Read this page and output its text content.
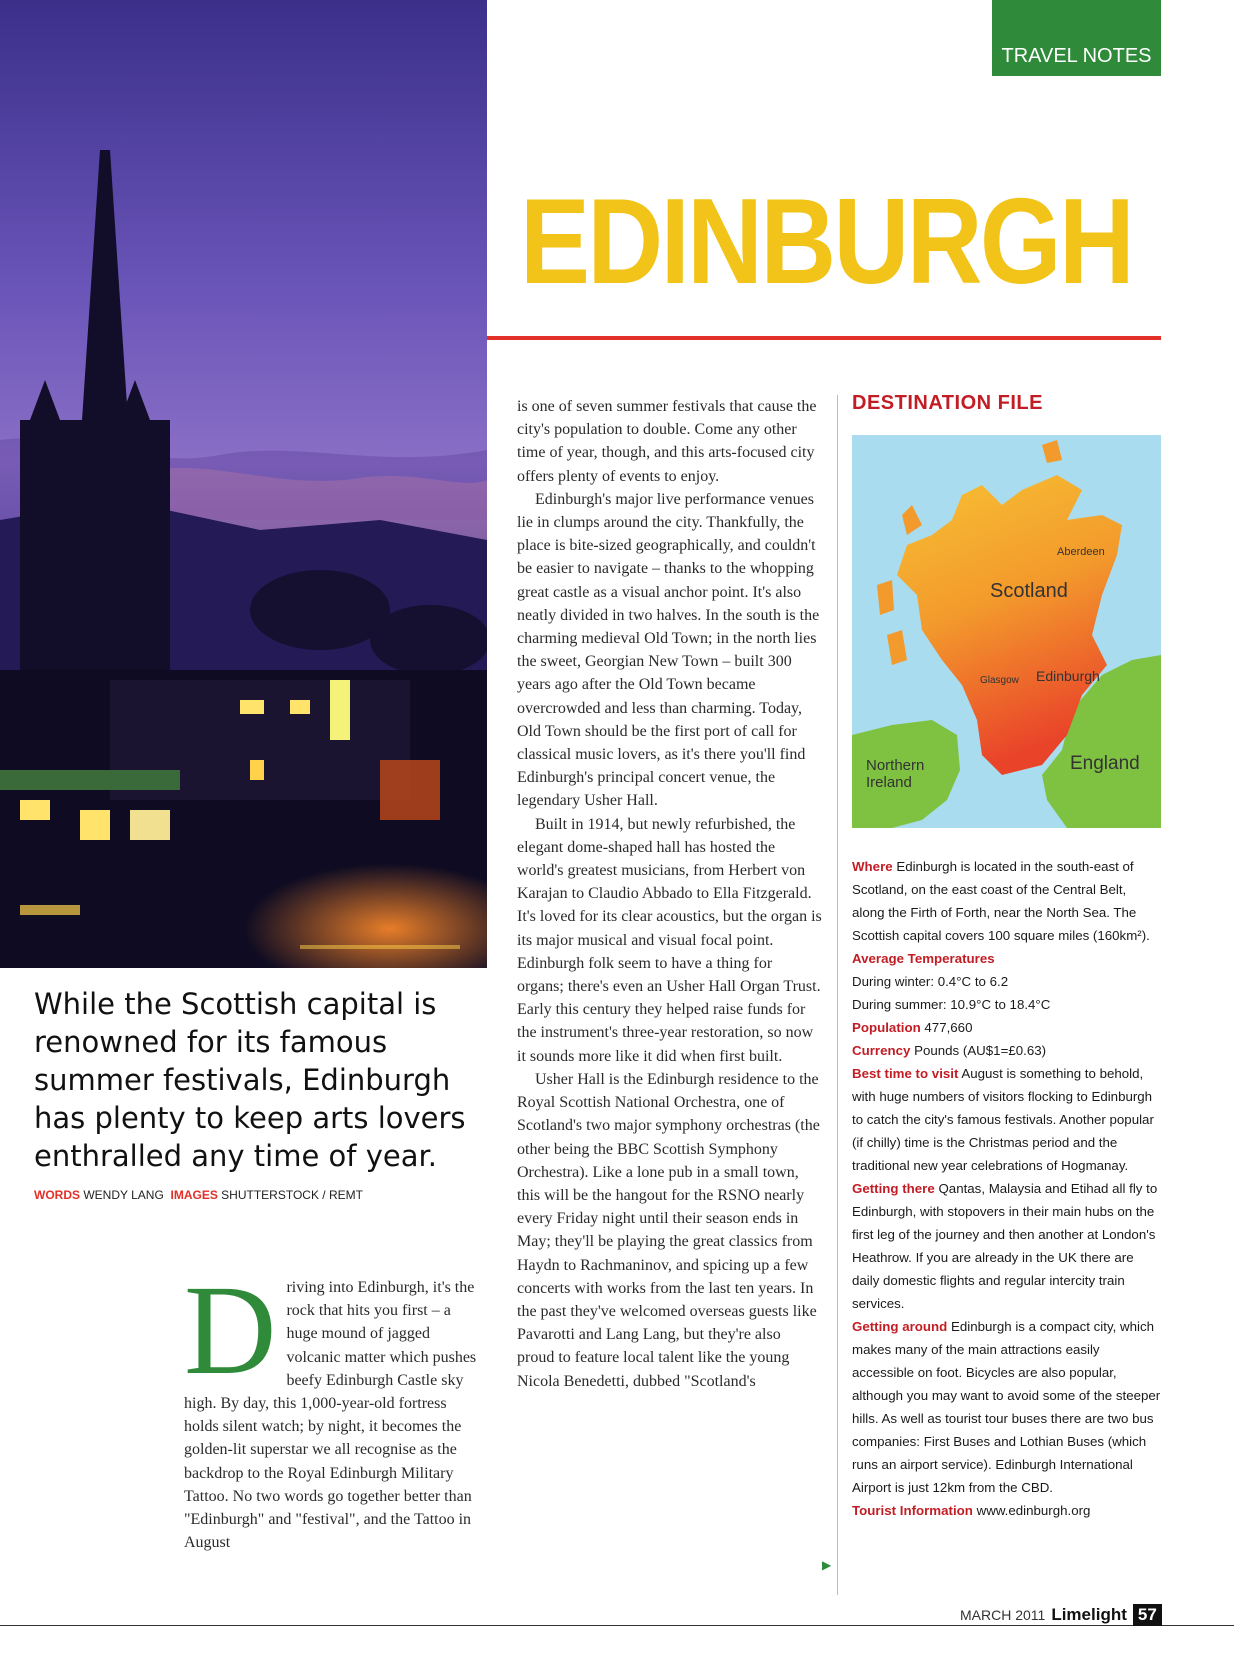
TRAVEL NOTES
EDINBURGH
While the Scottish capital is renowned for its famous summer festivals, Edinburgh has plenty to keep arts lovers enthralled any time of year.
WORDS WENDY LANG IMAGES SHUTTERSTOCK / REMT
D riving into Edinburgh, it's the rock that hits you first – a huge mound of jagged volcanic matter which pushes beefy Edinburgh Castle sky high. By day, this 1,000-year-old fortress holds silent watch; by night, it becomes the golden-lit superstar we all recognise as the backdrop to the Royal Edinburgh Military Tattoo. No two words go together better than "Edinburgh" and "festival", and the Tattoo in August

is one of seven summer festivals that cause the city's population to double. Come any other time of year, though, and this arts-focused city offers plenty of events to enjoy.

Edinburgh's major live performance venues lie in clumps around the city. Thankfully, the place is bite-sized geographically, and couldn't be easier to navigate – thanks to the whopping great castle as a visual anchor point. It's also neatly divided in two halves. In the south is the charming medieval Old Town; in the north lies the sweet, Georgian New Town – built 300 years ago after the Old Town became overcrowded and less than charming. Today, Old Town should be the first port of call for classical music lovers, as it's there you'll find Edinburgh's principal concert venue, the legendary Usher Hall.

Built in 1914, but newly refurbished, the elegant dome-shaped hall has hosted the world's greatest musicians, from Herbert von Karajan to Claudio Abbado to Ella Fitzgerald. It's loved for its clear acoustics, but the organ is its major musical and visual focal point. Edinburgh folk seem to have a thing for organs; there's even an Usher Hall Organ Trust. Early this century they helped raise funds for the instrument's three-year restoration, so now it sounds more like it did when first built.

Usher Hall is the Edinburgh residence to the Royal Scottish National Orchestra, one of Scotland's two major symphony orchestras (the other being the BBC Scottish Symphony Orchestra). Like a lone pub in a small town, this will be the hangout for the RSNO nearly every Friday night until their season ends in May; they'll be playing the great classics from Haydn to Rachmaninov, and spicing up a few concerts with works from the last ten years. In the past they've welcomed overseas guests like Pavarotti and Lang Lang, but they're also proud to feature local talent like the young Nicola Benedetti, dubbed "Scotland's

▶
DESTINATION FILE
Aberdeen
Scotland
Glasgow Edinburgh
Northern
Ireland
England

Where Edinburgh is located in the south-east of Scotland, on the east coast of the Central Belt, along the Firth of Forth, near the North Sea. The Scottish capital covers 100 square miles (160km²).

Average Temperatures

During winter: 0.4°C to 6.2

During summer: 10.9°C to 18.4°C

Population 477,660

Currency Pounds (AU$1=£0.63)

Best time to visit August is something to behold, with huge numbers of visitors flocking to Edinburgh to catch the city's famous festivals. Another popular (if chilly) time is the Christmas period and the traditional new year celebrations of Hogmanay.

Getting there Qantas, Malaysia and Etihad all fly to Edinburgh, with stopovers in their main hubs on the first leg of the journey and then another at London's Heathrow. If you are already in the UK there are daily domestic flights and regular intercity train services.

Getting around Edinburgh is a compact city, which makes many of the main attractions easily accessible on foot. Bicycles are also popular, although you may want to avoid some of the steeper hills. As well as tourist tour buses there are two bus companies: First Buses and Lothian Buses (which runs an airport service). Edinburgh International Airport is just 12km from the CBD.

Tourist Information www.edinburgh.org

MARCH 2011 Limelight 57
